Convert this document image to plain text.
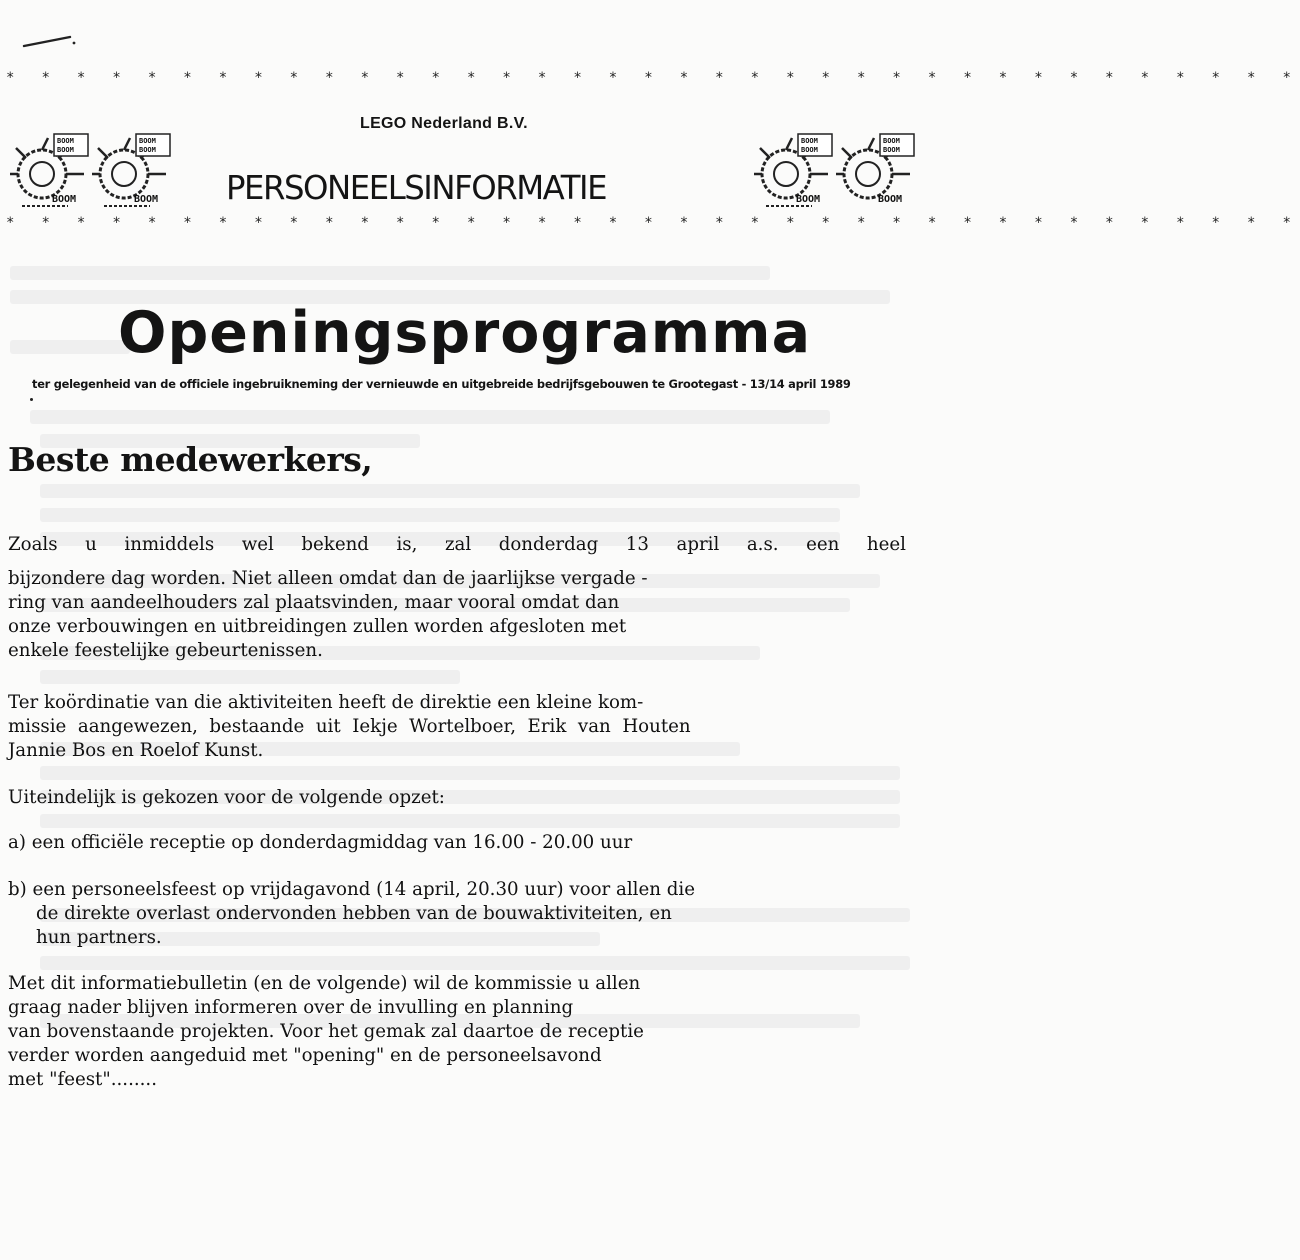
* * * * * * * * * * * * * * * * * * * * * * * * * * * * * * * * * * * * *
LEGO Nederland B.V.
BOOM
BOOM
BOOM
BOOM
BOOM
BOOM
BOOM
BOOM
BOOM
BOOM
BOOM
BOOM
PERSONEELSINFORMATIE
* * * * * * * * * * * * * * * * * * * * * * * * * * * * * * * * * * * * *
Openingsprogramma
ter gelegenheid van de officiele ingebruikneming der vernieuwde en uitgebreide bedrijfsgebouwen te Grootegast - 13/14 april 1989
Beste medewerkers,
Zoals u inmiddels wel bekend is, zal donderdag 13 april a.s. een heel
bijzondere dag worden. Niet alleen omdat dan de jaarlijkse vergade -
ring van aandeelhouders zal plaatsvinden, maar vooral omdat dan
onze verbouwingen en uitbreidingen zullen worden afgesloten met
enkele feestelijke gebeurtenissen.
Ter koördinatie van die aktiviteiten heeft de direktie een kleine kom-
missie  aangewezen,  bestaande  uit  Iekje  Wortelboer,  Erik  van  Houten
Jannie Bos en Roelof Kunst.
Uiteindelijk is gekozen voor de volgende opzet:
a) een officiële receptie op donderdagmiddag van 16.00 - 20.00 uur
b) een personeelsfeest op vrijdagavond (14 april, 20.30 uur) voor allen die
de direkte overlast ondervonden hebben van de bouwaktiviteiten, en
hun partners.
Met dit informatiebulletin (en de volgende) wil de kommissie u allen
graag nader blijven informeren over de invulling en planning
van bovenstaande projekten. Voor het gemak zal daartoe de receptie
verder worden aangeduid met "opening" en de personeelsavond
met "feest"........
